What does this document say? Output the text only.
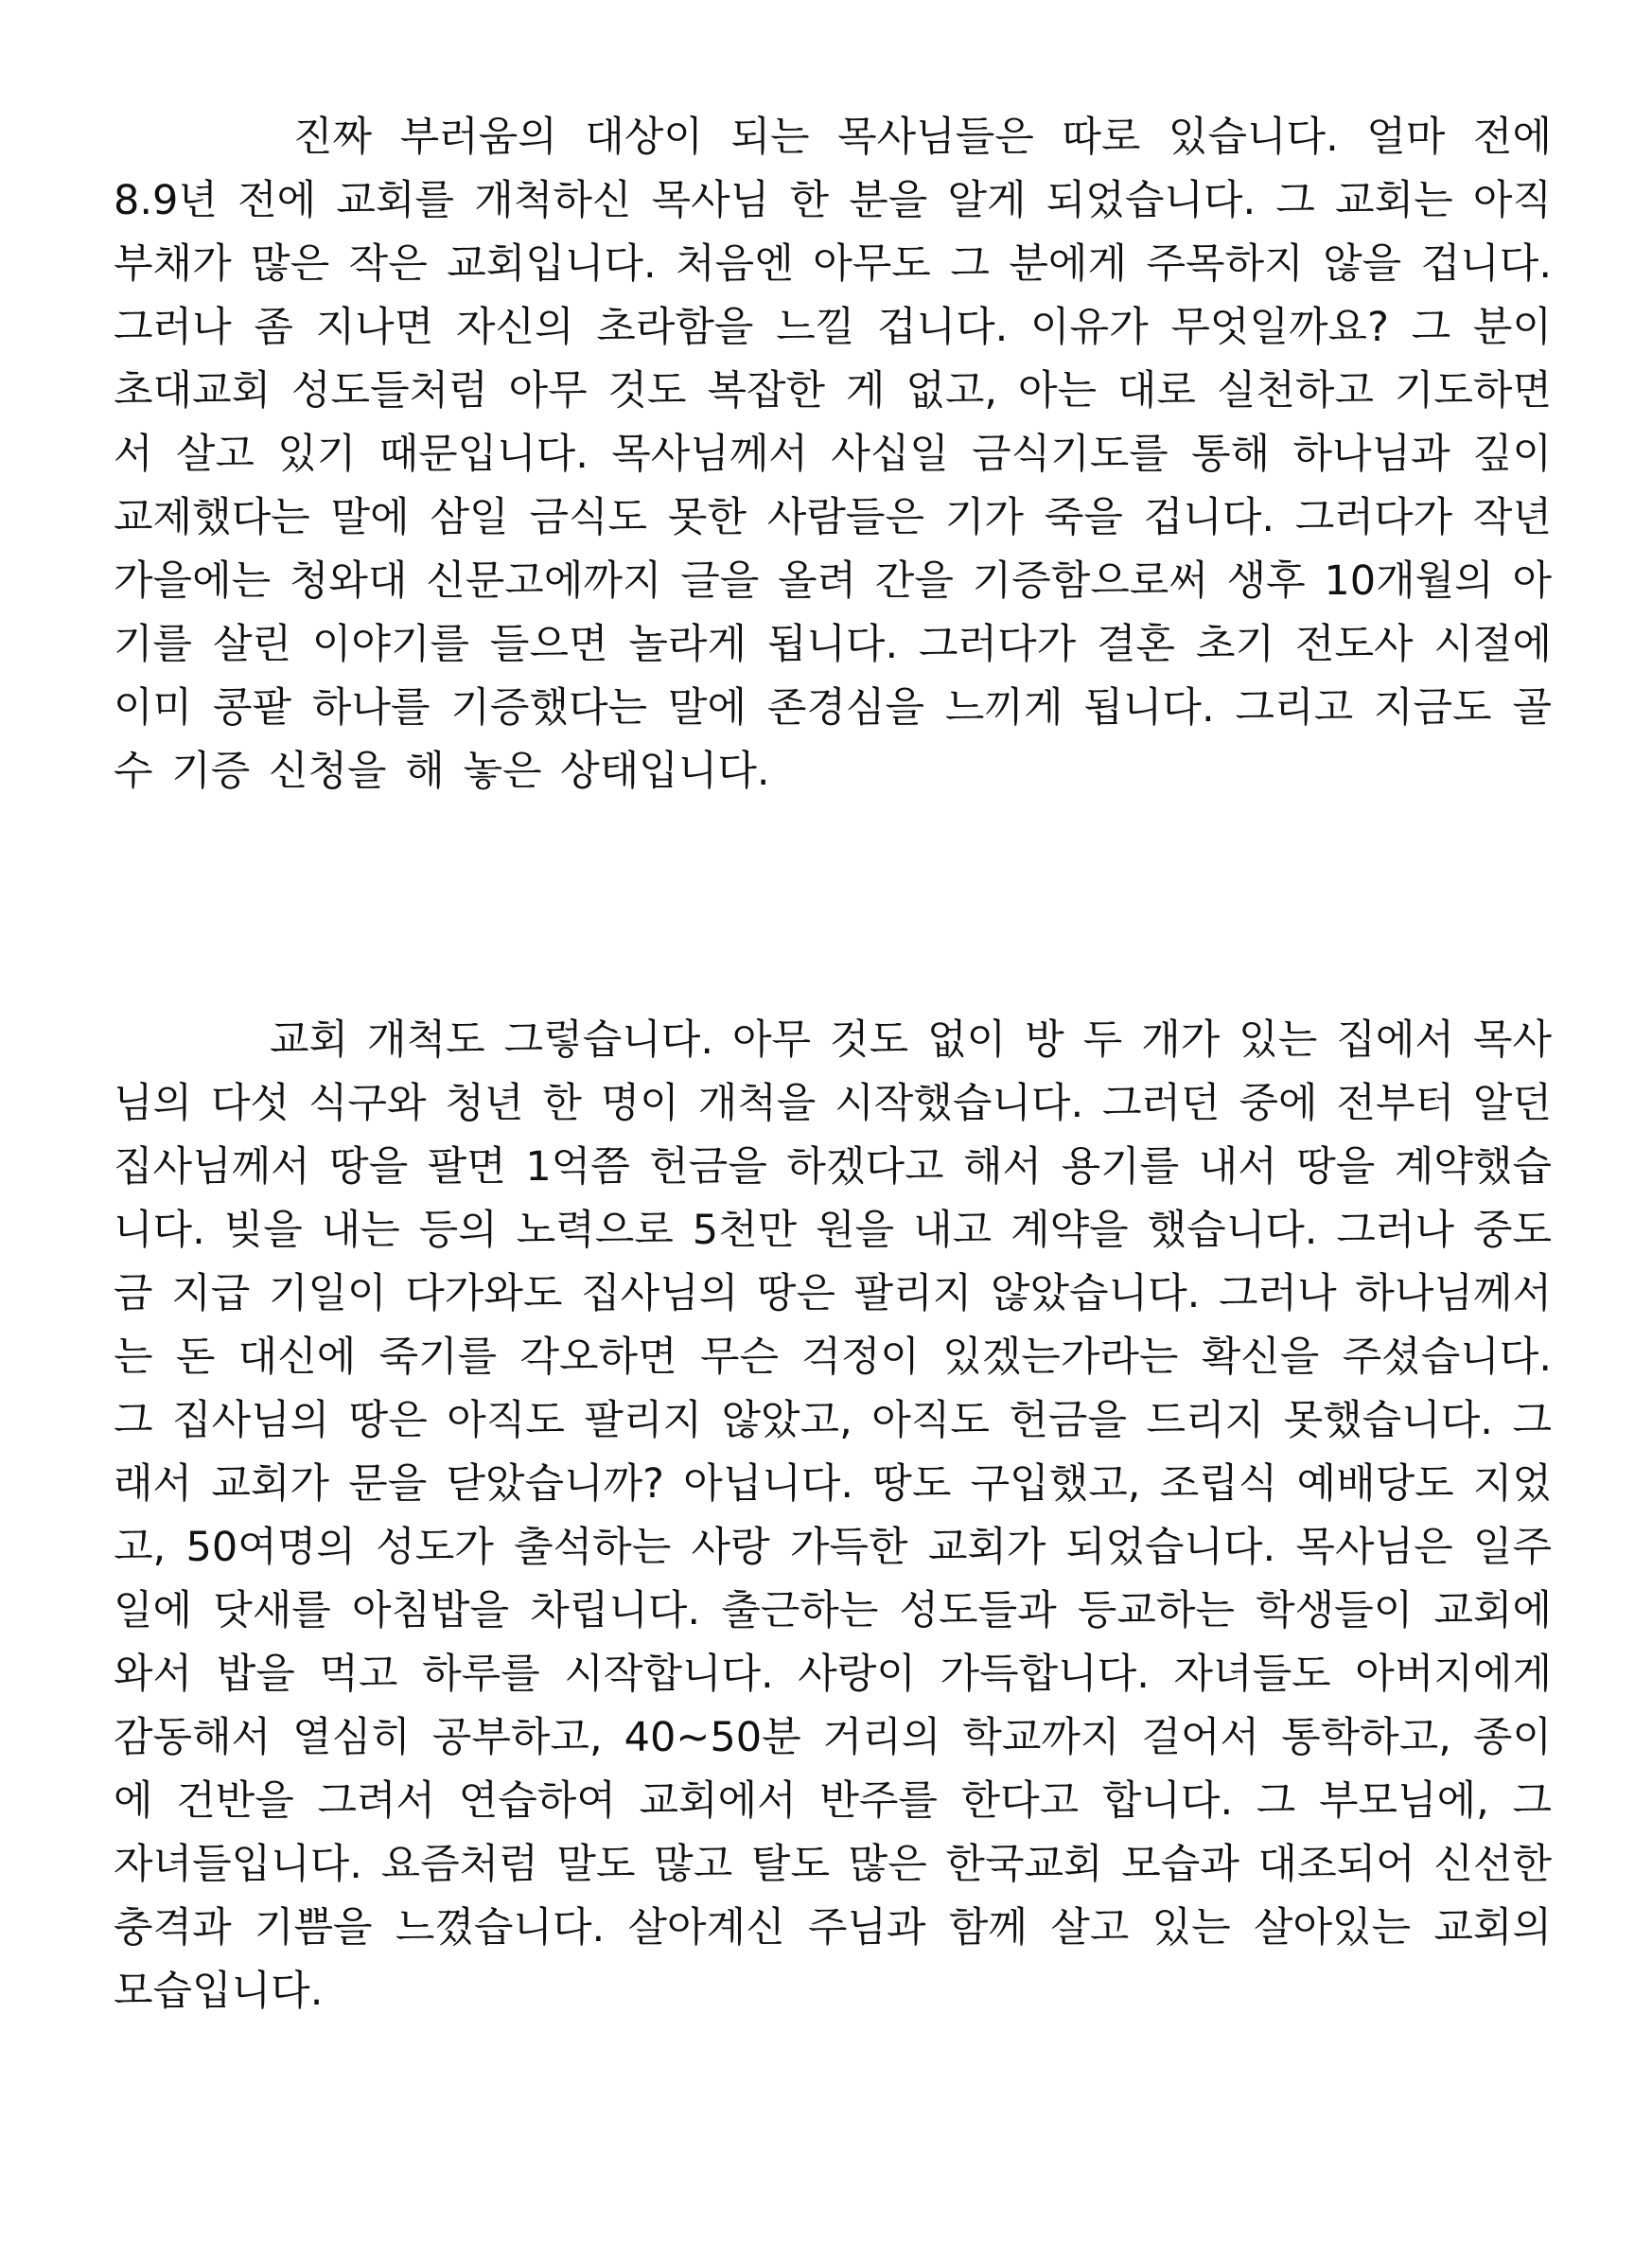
진짜 부러움의 대상이 되는 목사님들은 따로 있습니다. 얼마 전에 8.9년 전에 교회를 개척하신 목사님 한 분을 알게 되었습니다. 그 교회는 아직 부채가 많은 작은 교회입니다. 처음엔 아무도 그 분에게 주목하지 않을 겁니다. 그러나 좀 지나면 자신의 초라함을 느낄 겁니다. 이유가 무엇일까요? 그 분이 초대교회 성도들처럼 아무 것도 복잡한 게 없고, 아는 대로 실천하고 기도하면서 살고 있기 때문입니다. 목사님께서 사십일 금식기도를 통해 하나님과 깊이 교제했다는 말에 삼일 금식도 못한 사람들은 기가 죽을 겁니다. 그러다가 작년 가을에는 청와대 신문고에까지 글을 올려 간을 기증함으로써 생후 10개월의 아기를 살린 이야기를 들으면 놀라게 됩니다. 그러다가 결혼 초기 전도사 시절에 이미 콩팥 하나를 기증했다는 말에 존경심을 느끼게 됩니다. 그리고 지금도 골수 기증 신청을 해 놓은 상태입니다.

교회 개척도 그렇습니다. 아무 것도 없이 방 두 개가 있는 집에서 목사님의 다섯 식구와 청년 한 명이 개척을 시작했습니다. 그러던 중에 전부터 알던 집사님께서 땅을 팔면 1억쯤 헌금을 하겠다고 해서 용기를 내서 땅을 계약했습니다. 빚을 내는 등의 노력으로 5천만 원을 내고 계약을 했습니다. 그러나 중도금 지급 기일이 다가와도 집사님의 땅은 팔리지 않았습니다. 그러나 하나님께서는 돈 대신에 죽기를 각오하면 무슨 걱정이 있겠는가라는 확신을 주셨습니다. 그 집사님의 땅은 아직도 팔리지 않았고, 아직도 헌금을 드리지 못했습니다. 그래서 교회가 문을 닫았습니까? 아닙니다. 땅도 구입했고, 조립식 예배당도 지었고, 50여명의 성도가 출석하는 사랑 가득한 교회가 되었습니다. 목사님은 일주일에 닷새를 아침밥을 차립니다. 출근하는 성도들과 등교하는 학생들이 교회에 와서 밥을 먹고 하루를 시작합니다. 사랑이 가득합니다. 자녀들도 아버지에게 감동해서 열심히 공부하고, 40~50분 거리의 학교까지 걸어서 통학하고, 종이에 건반을 그려서 연습하여 교회에서 반주를 한다고 합니다. 그 부모님에, 그 자녀들입니다. 요즘처럼 말도 많고 탈도 많은 한국교회 모습과 대조되어 신선한 충격과 기쁨을 느꼈습니다. 살아계신 주님과 함께 살고 있는 살아있는 교회의 모습입니다.
